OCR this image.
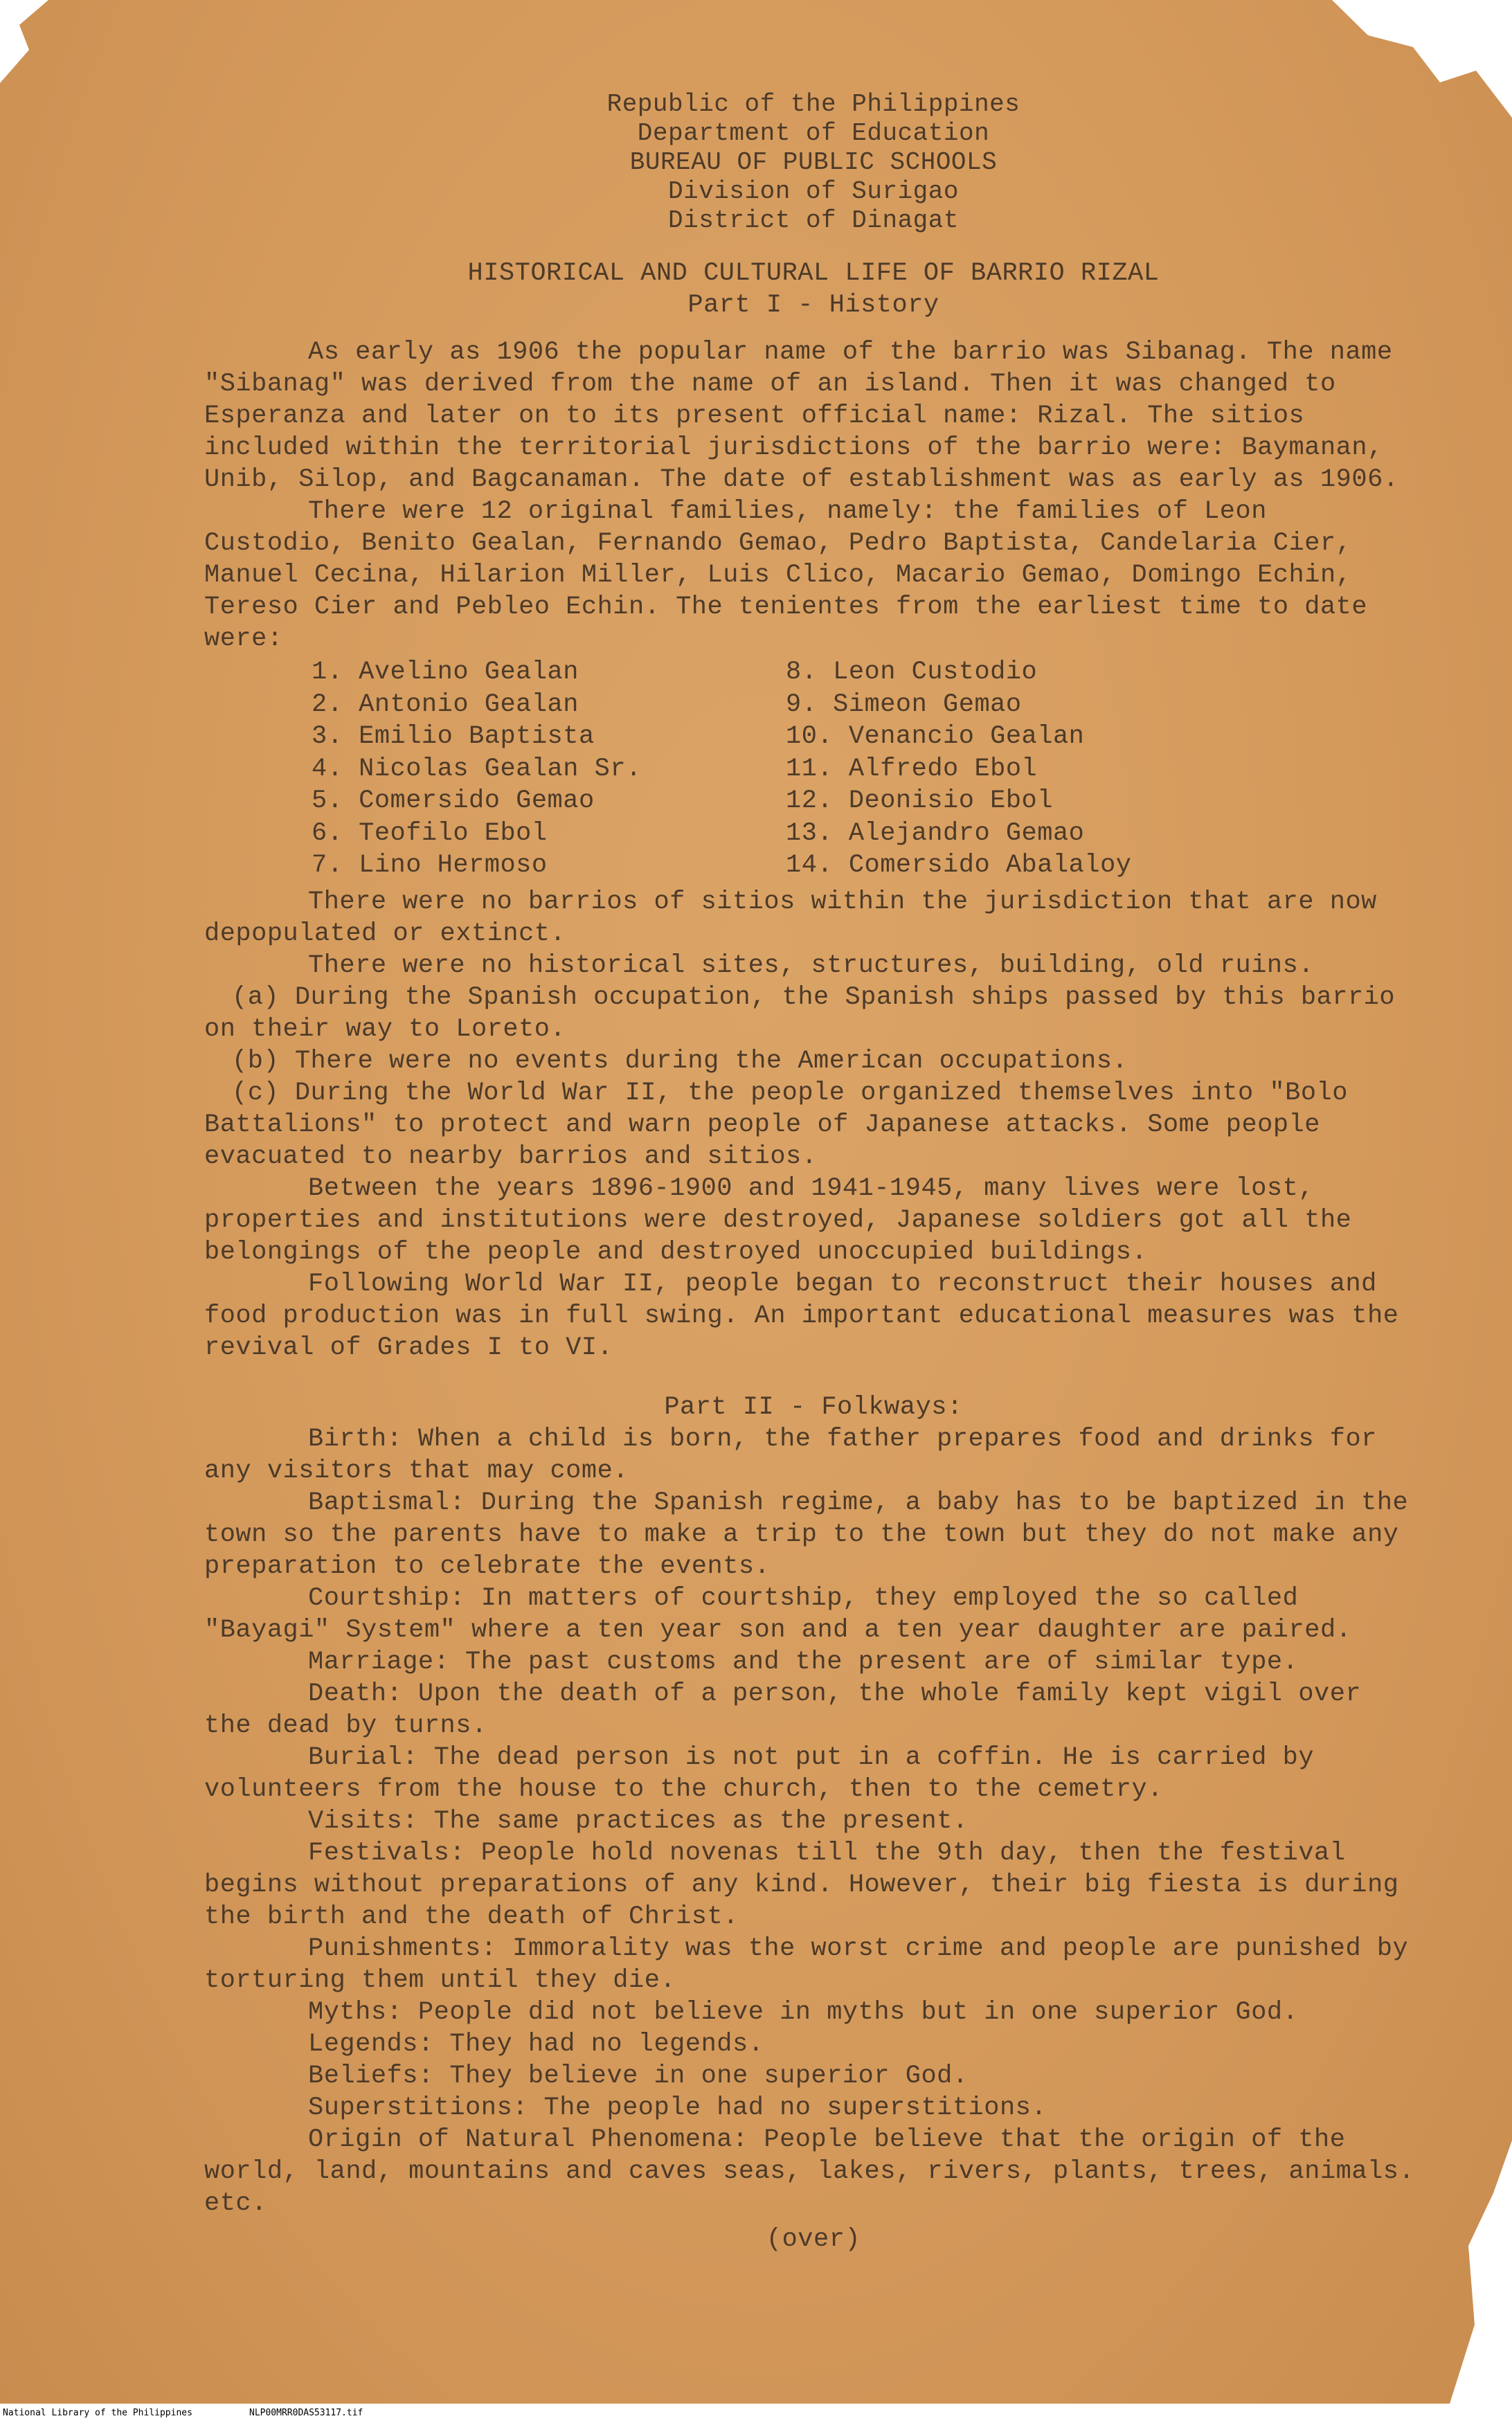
Republic of the Philippines
Department of Education
BUREAU OF PUBLIC SCHOOLS
Division of Surigao
District of Dinagat
HISTORICAL AND CULTURAL LIFE OF BARRIO RIZAL
Part I - History

As early as 1906 the popular name of the barrio was Sibanag. The name "Sibanag" was derived from the name of an island. Then it was changed to Esperanza and later on to its present official name: Rizal. The sitios included within the territorial jurisdictions of the barrio were: Baymanan, Unib, Silop, and Bagcanaman. The date of establishment was as early as 1906.

There were 12 original families, namely: the families of Leon Custodio, Benito Gealan, Fernando Gemao, Pedro Baptista, Candelaria Cier, Manuel Cecina, Hilarion Miller, Luis Clico, Macario Gemao, Domingo Echin, Tereso Cier and Pebleo Echin. The tenientes from the earliest time to date were:

1. Avelino Gealan
2. Antonio Gealan
3. Emilio Baptista
4. Nicolas Gealan Sr.
5. Comersido Gemao
6. Teofilo Ebol
7. Lino Hermoso
8. Leon Custodio
9. Simeon Gemao
10. Venancio Gealan
11. Alfredo Ebol
12. Deonisio Ebol
13. Alejandro Gemao
14. Comersido Abalaloy

There were no barrios of sitios within the jurisdiction that are now depopulated or extinct.

There were no historical sites, structures, building, old ruins.

(a) During the Spanish occupation, the Spanish ships passed by this barrio on their way to Loreto.

(b) There were no events during the American occupations.

(c) During the World War II, the people organized themselves into "Bolo Battalions" to protect and warn people of Japanese attacks. Some people evacuated to nearby barrios and sitios.

Between the years 1896-1900 and 1941-1945, many lives were lost, properties and institutions were destroyed, Japanese soldiers got all the belongings of the people and destroyed unoccupied buildings.

Following World War II, people began to reconstruct their houses and food production was in full swing. An important educational measures was the revival of Grades I to VI.

Part II - Folkways:

Birth: When a child is born, the father prepares food and drinks for any visitors that may come.

Baptismal: During the Spanish regime, a baby has to be baptized in the town so the parents have to make a trip to the town but they do not make any preparation to celebrate the events.

Courtship: In matters of courtship, they employed the so called "Bayagi" System" where a ten year son and a ten year daughter are paired.

Marriage: The past customs and the present are of similar type.

Death: Upon the death of a person, the whole family kept vigil over the dead by turns.

Burial: The dead person is not put in a coffin. He is carried by volunteers from the house to the church, then to the cemetry.

Visits: The same practices as the present.

Festivals: People hold novenas till the 9th day, then the festival begins without preparations of any kind. However, their big fiesta is during the birth and the death of Christ.

Punishments: Immorality was the worst crime and people are punished by torturing them until they die.

Myths: People did not believe in myths but in one superior God.

Legends: They had no legends.

Beliefs: They believe in one superior God.

Superstitions: The people had no superstitions.

Origin of Natural Phenomena: People believe that the origin of the world, land, mountains and caves seas, lakes, rivers, plants, trees, animals. etc.

(over)
National Library of the Philippines	NLP00MRR0DAS53117.tif
